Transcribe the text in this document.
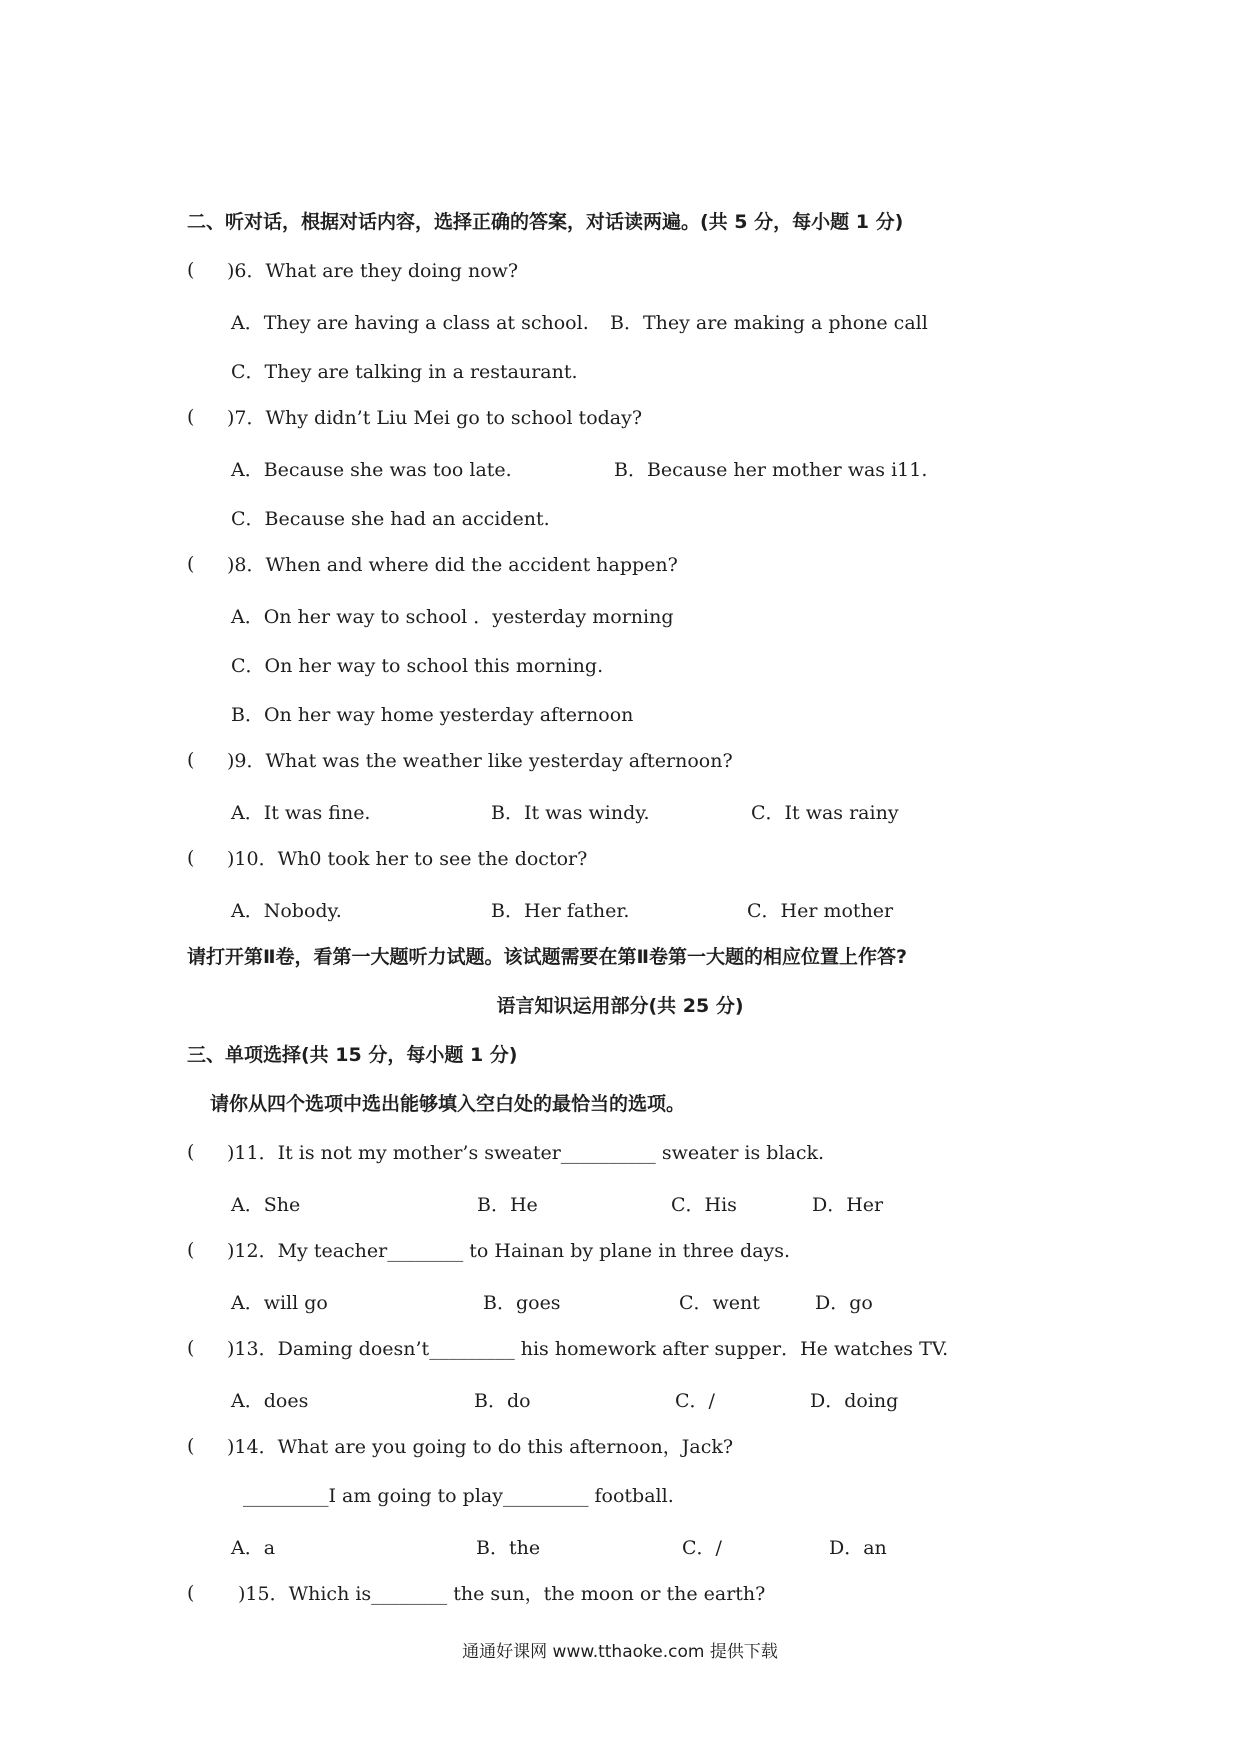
二、听对话，根据对话内容，选择正确的答案，对话读两遍。(共 5 分，每小题 1 分)
( )6．What are they doing now?
A．They are having a class at school. B．They are making a phone call
C．They are talking in a restaurant.
( )7．Why didn’t Liu Mei go to school today?
A．Because she was too late.	B．Because her mother was i11.
C．Because she had an accident.
( )8．When and where did the accident happen?
A．On her way to school ．yesterday morning
C．On her way to school this morning.
B．On her way home yesterday afternoon
( )9．What was the weather like yesterday afternoon?
A．It was fine.	B．It was windy.	C．It was rainy
( )10．Wh0 took her to see the doctor?
A．Nobody.	B．Her father.	C．Her mother
请打开第Ⅱ卷，看第一大题听力试题。该试题需要在第Ⅱ卷第一大题的相应位置上作答?
语言知识运用部分(共 25 分)
三、单项选择(共 15 分，每小题 1 分)
请你从四个选项中选出能够填入空白处的最恰当的选项。
( )11．It is not my mother’s sweater__________ sweater is black.
A．She	B．He	C．His	D．Her
( )12．My teacher________ to Hainan by plane in three days.
A．will go	B．goes	C．went	D．go
( )13．Daming doesn’t_________ his homework after supper．He watches TV.
A．does	B．do	C．/	D．doing
( )14．What are you going to do this afternoon，Jack?
_________I am going to play_________ football.
A．a	B．the	C．/	D．an
( )15．Which is________ the sun，the moon or the earth?
通通好课网 www.tthaoke.com 提供下载
